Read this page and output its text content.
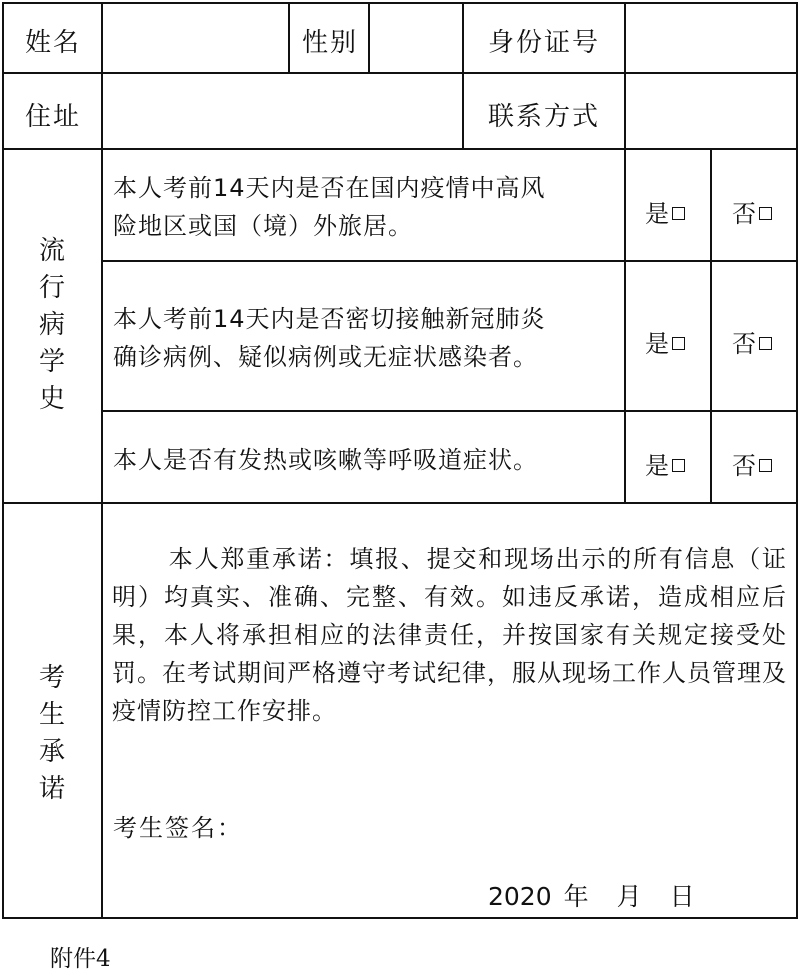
姓名	性别	身份证号
住址	联系方式
流
行
病
学
史
本人考前14天内是否在国内疫情中高风
险地区或国（境）外旅居。	是	否
本人考前14天内是否密切接触新冠肺炎
确诊病例、疑似病例或无症状感染者。	是	否
本人是否有发热或咳嗽等呼吸道症状。	是	否
考
生
承
诺
本人郑重承诺：填报、提交和现场出示的所有信息（证明）均真实、准确、完整、有效。如违反承诺，造成相应后果，本人将承担相应的法律责任，并按国家有关规定接受处罚。在考试期间严格遵守考试纪律，服从现场工作人员管理及疫情防控工作安排。
考生签名：
2020 年 月 日
附件4
